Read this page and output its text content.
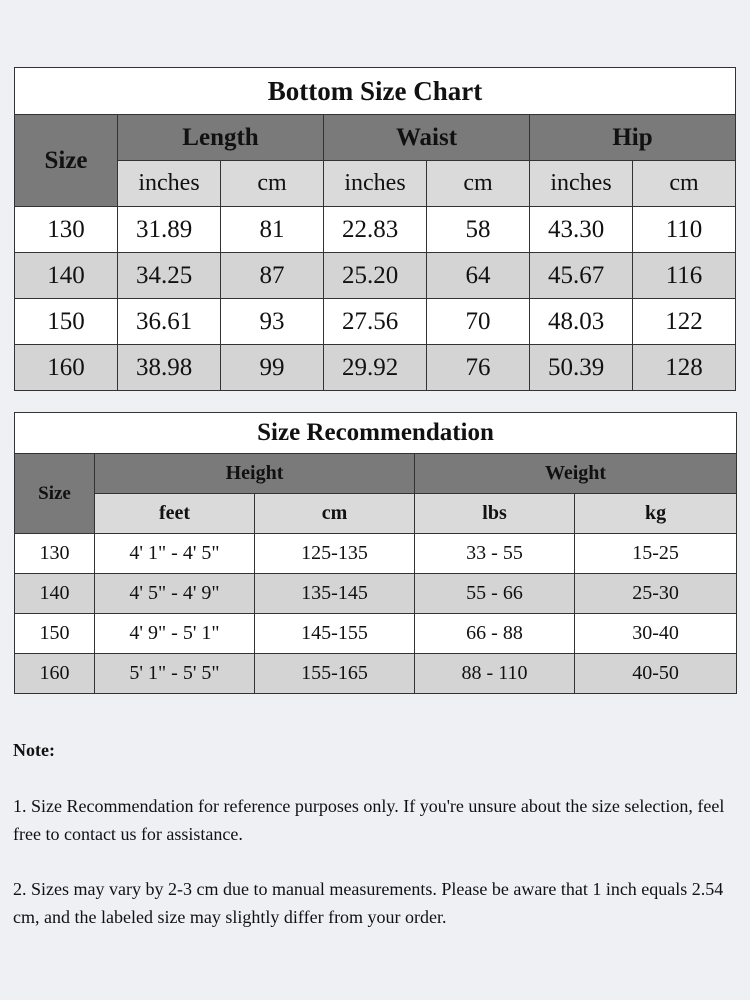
Bottom Size Chart						
Size	Length		Waist		Hip	
	inches	cm	inches	cm	inches	cm
130	31.89	81	22.83	58	43.30	110
140	34.25	87	25.20	64	45.67	116
150	36.61	93	27.56	70	48.03	122
160	38.98	99	29.92	76	50.39	128
Size Recommendation				
Size	Height		Weight	
	feet	cm	lbs	kg
130	4' 1" - 4' 5"	125-135	33 - 55	15-25
140	4' 5" - 4' 9"	135-145	55 - 66	25-30
150	4' 9" - 5' 1"	145-155	66 - 88	30-40
160	5' 1" - 5' 5"	155-165	88 - 110	40-50

Note:

1. Size Recommendation for reference purposes only. If you're unsure about the size selection, feel free to contact us for assistance.

2. Sizes may vary by 2-3 cm due to manual measurements. Please be aware that 1 inch equals 2.54 cm, and the labeled size may slightly differ from your order.
